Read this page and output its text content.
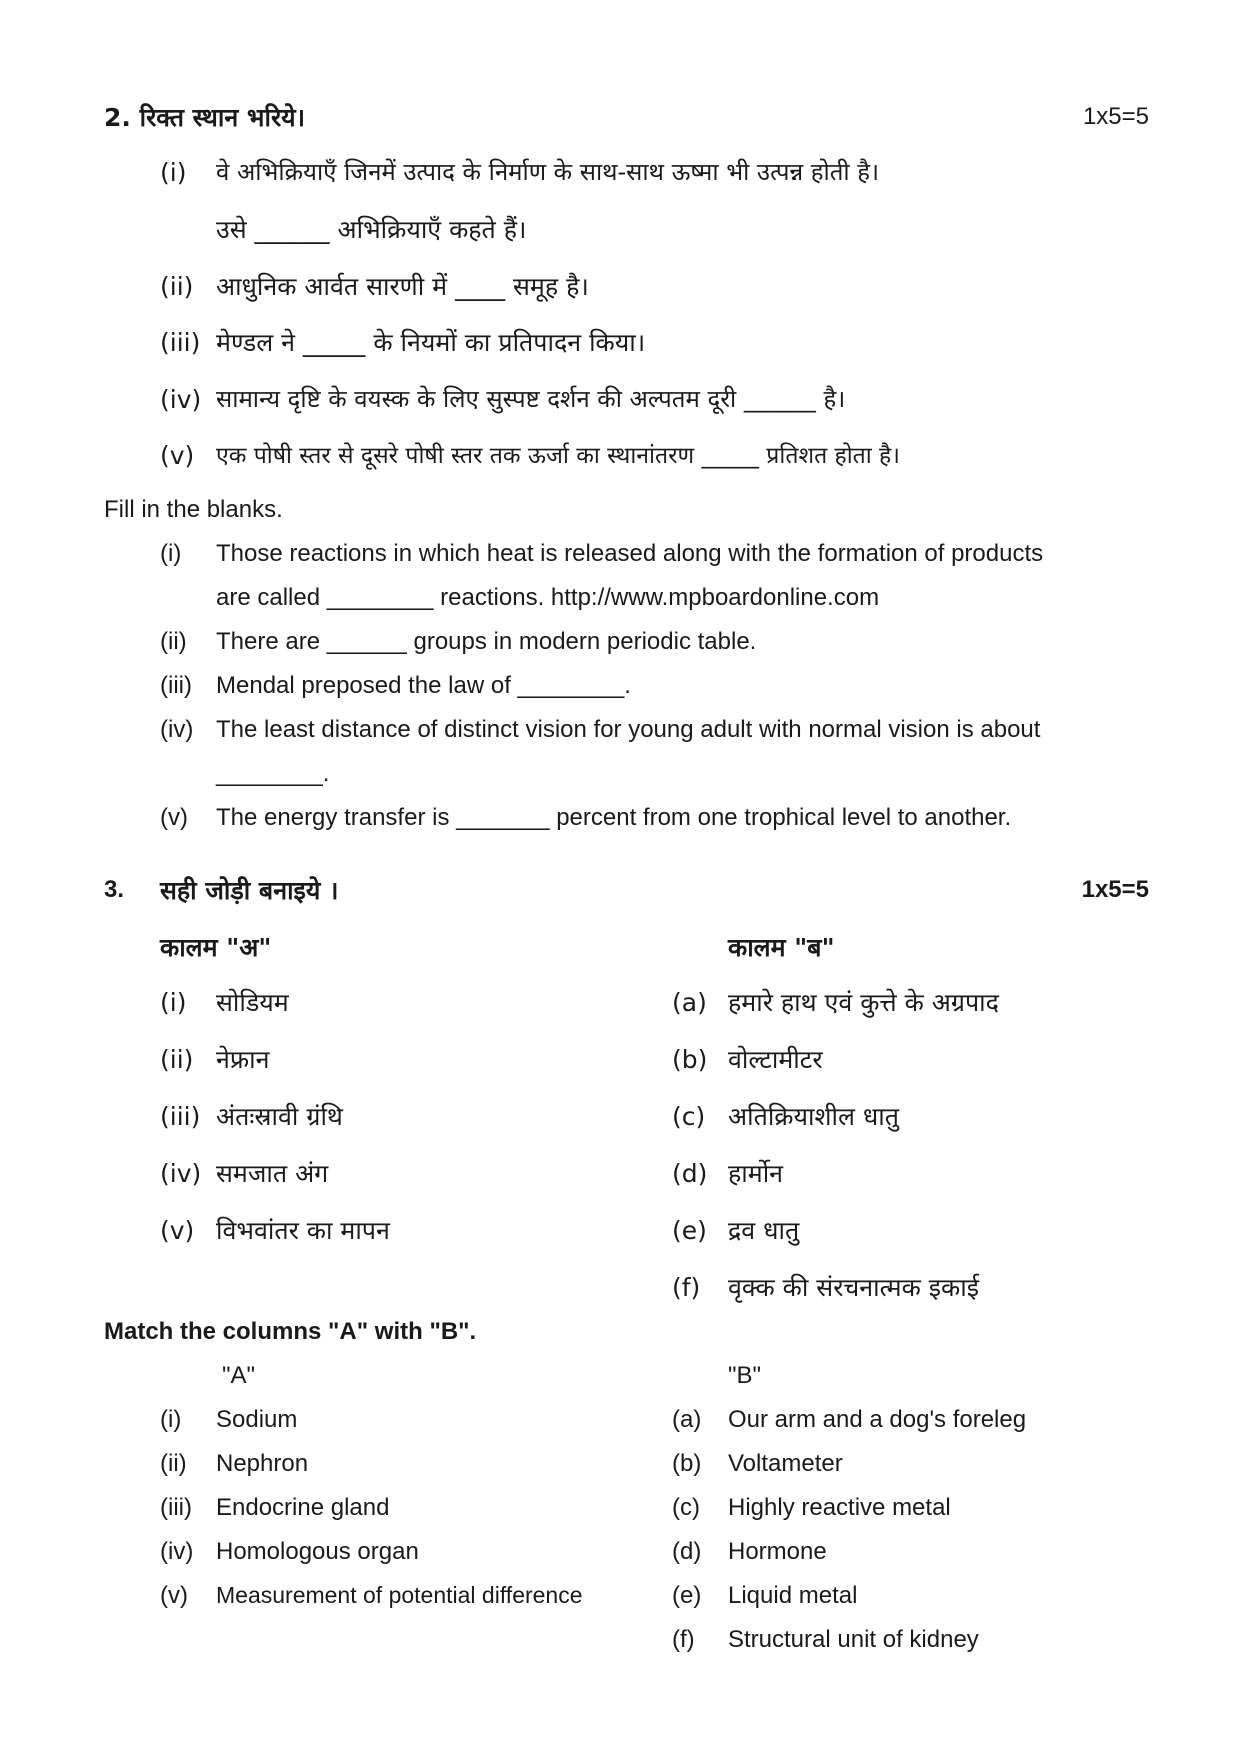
2. रिक्त स्थान भरिये।	1x5=5
(i) वे अभिक्रियाएँ जिनमें उत्पाद के निर्माण के साथ-साथ ऊष्मा भी उत्पन्न होती है।
उसे ______ अभिक्रियाएँ कहते हैं।
(ii) आधुनिक आर्वत सारणी में ____ समूह है।
(iii) मेण्डल ने _____ के नियमों का प्रतिपादन किया।
(iv) सामान्य दृष्टि के वयस्क के लिए सुस्पष्ट दर्शन की अल्पतम दूरी ______ है।
(v) एक पोषी स्तर से दूसरे पोषी स्तर तक ऊर्जा का स्थानांतरण _____ प्रतिशत होता है।
Fill in the blanks.
(i) Those reactions in which heat is released along with the formation of products
are called ________ reactions. http://www.mpboardonline.com
(ii) There are ______ groups in modern periodic table.
(iii) Mendal preposed the law of ________.
(iv) The least distance of distinct vision for young adult with normal vision is about
________.
(v) The energy transfer is _______ percent from one trophical level to another.
3. सही जोड़ी बनाइये ।	1x5=5
कालम "अ"	कालम "ब"
(i) सोडियम	(a) हमारे हाथ एवं कुत्ते के अग्रपाद
(ii) नेफ्रान	(b) वोल्टामीटर
(iii) अंतःस्रावी ग्रंथि	(c) अतिक्रियाशील धातु
(iv) समजात अंग	(d) हार्मोन
(v) विभवांतर का मापन	(e) द्रव धातु
(f) वृक्क की संरचनात्मक इकाई
Match the columns "A" with "B".
"A"	"B"
(i) Sodium	(a) Our arm and a dog's foreleg
(ii) Nephron	(b) Voltameter
(iii) Endocrine gland	(c) Highly reactive metal
(iv) Homologous organ	(d) Hormone
(v) Measurement of potential difference	(e) Liquid metal
(f) Structural unit of kidney
